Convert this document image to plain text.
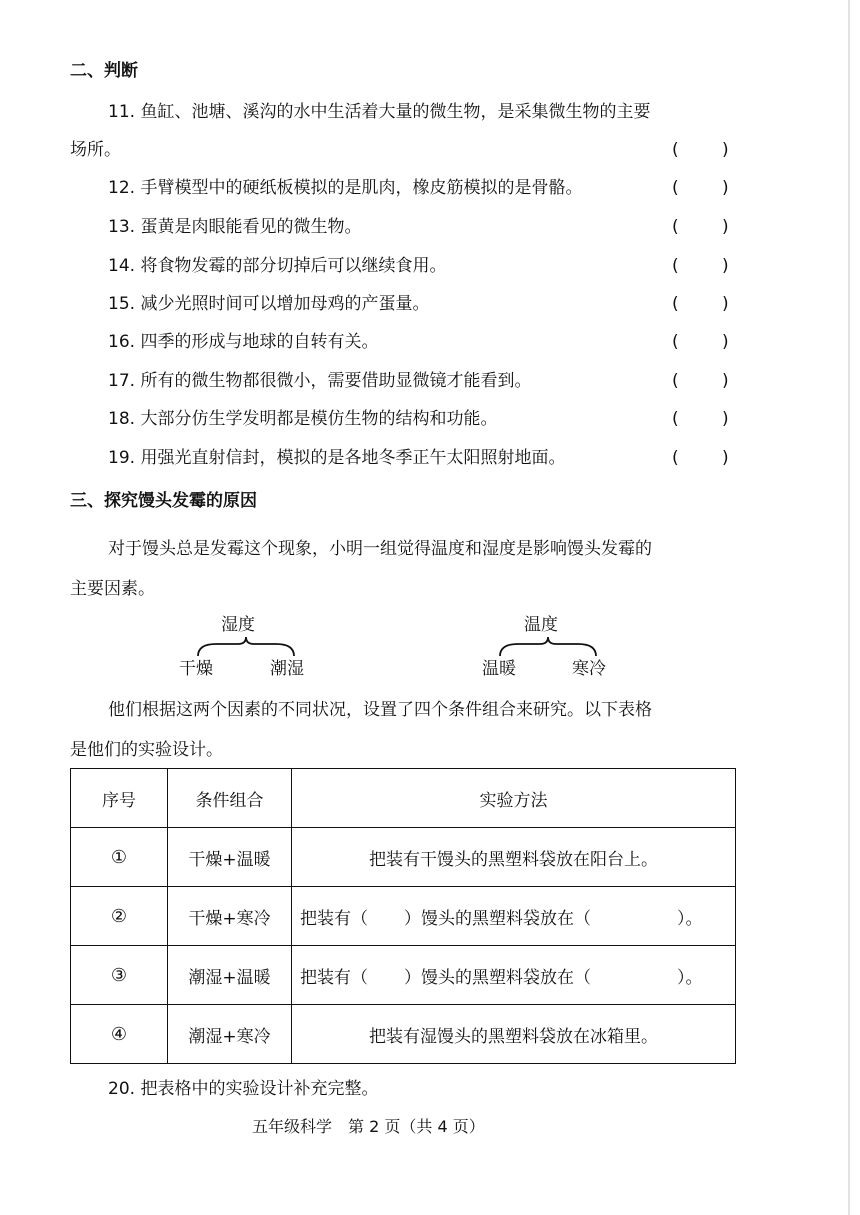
二、判断
11. 鱼缸、池塘、溪沟的水中生活着大量的微生物，是采集微生物的主要
场所。	(	)
12. 手臂模型中的硬纸板模拟的是肌肉，橡皮筋模拟的是骨骼。	(	)
13. 蛋黄是肉眼能看见的微生物。	(	)
14. 将食物发霉的部分切掉后可以继续食用。	(	)
15. 减少光照时间可以增加母鸡的产蛋量。	(	)
16. 四季的形成与地球的自转有关。	(	)
17. 所有的微生物都很微小，需要借助显微镜才能看到。	(	)
18. 大部分仿生学发明都是模仿生物的结构和功能。	(	)
19. 用强光直射信封，模拟的是各地冬季正午太阳照射地面。	(	)
三、探究馒头发霉的原因
对于馒头总是发霉这个现象，小明一组觉得温度和湿度是影响馒头发霉的
主要因素。
湿度
干燥	潮湿
温度
温暖	寒冷
他们根据这两个因素的不同状况，设置了四个条件组合来研究。以下表格
是他们的实验设计。
序号	条件组合	实验方法
①	干燥+温暖	把装有干馒头的黑塑料袋放在阳台上。
②	干燥+寒冷	把装有（ ）馒头的黑塑料袋放在（ ）。
③	潮湿+温暖	把装有（ ）馒头的黑塑料袋放在（ ）。
④	潮湿+寒冷	把装有湿馒头的黑塑料袋放在冰箱里。
20. 把表格中的实验设计补充完整。
五年级科学　第 2 页（共 4 页）
